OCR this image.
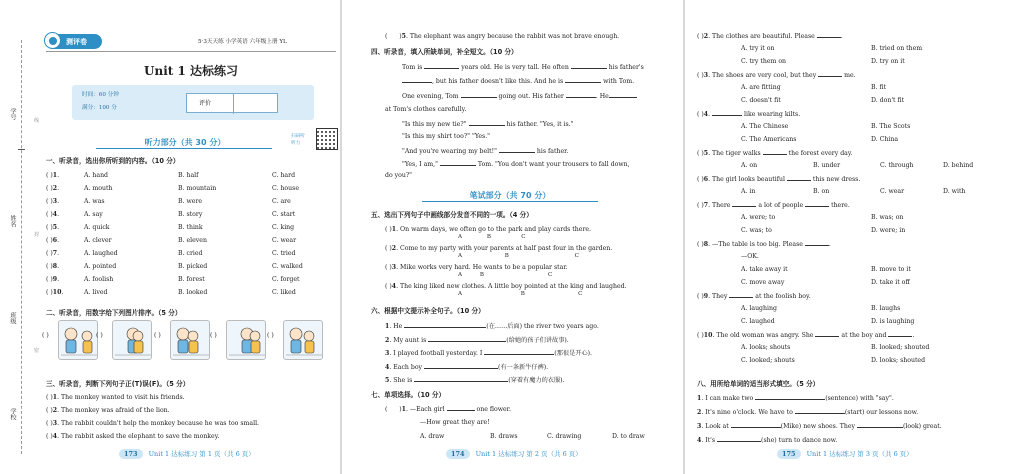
学号
线
姓名
封
班级
密
学校
测评卷	5·3天天练 小学英语 六年级上册 YL
Unit 1 达标练习
时间：60 分钟
满分：100 分
评价
听力部分（共 30 分）
扫码听听力
一、听录音，选出你所听到的内容。（10 分）
( )1.	A. hand	B. half	C. hard
( )2.	A. mouth	B. mountain	C. house
( )3.	A. was	B. were	C. are
( )4.	A. say	B. story	C. start
( )5.	A. quick	B. think	C. king
( )6.	A. clever	B. eleven	C. wear
( )7.	A. laughed	B. cried	C. tried
( )8.	A. pointed	B. picked	C. walked
( )9.	A. foolish	B. forest	C. forget
( )10.	A. lived	B. looked	C. liked
二、听录音，用数字给下列图片排序。（5 分）
( )	( )	( )	( )	( )
三、听录音，判断下列句子正(T)误(F)。（5 分）
( )1. The monkey wanted to visit his friends.
( )2. The monkey was afraid of the lion.
( )3. The rabbit couldn't help the monkey because he was too small.
( )4. The rabbit asked the elephant to save the monkey.
173 Unit 1 达标练习 第 1 页（共 6 页）
(      )5. The elephant was angry because the rabbit was not brave enough.
四、听录音，填入所缺单词，补全短文。（10 分）
Tom is	years old. He is very tall. He often	his father's
, but his father doesn't like this. And he is	with Tom.
One evening, Tom	going out. His father	. He
at Tom's clothes carefully.
"Is this my new tie?"	his father. "Yes, it is."
"Is this my shirt too?" "Yes."
"And you're wearing my belt!"	his father.
"Yes, I am,"	Tom. "You don't want your trousers to fall down,
do you?"
笔试部分（共 70 分）
五、选出下列句子中画线部分发音不同的一项。（4 分）
( )1. On warm days, we often go to the park and play cards there.
A              B                 C
( )2. Come to my party with your parents at half past four in the garden.
A                        B                                     C
( )3. Mike works very hard. He wants to be a popular star.
A          B                                    C
( )4. The king liked new clothes. A little boy pointed at the king and laughed.
A                                 B                              C
六、根据中文提示补全句子。（10 分）
1. He	(在……后面) the river two years ago.
2. My aunt is	(给她的孩子们讲故事).
3. I played football yesterday. I	(那很是开心).
4. Each boy	(有一条新牛仔裤).
5. She is	(穿着有魔力的衣服).
七、单项选择。（10 分）
(      )1. —Each girl	one flower.
—How great they are!
A. draw	B. draws	C. drawing	D. to draw
174 Unit 1 达标练习 第 2 页（共 6 页）
( )2. The clothes are beautiful. Please	.
A. try it on	B. tried on them
C. try them on	D. try on it
( )3. The shoes are very cool, but they	me.
A. are fitting	B. fit
C. doesn't fit	D. don't fit
( )4.	like wearing kilts.
A. The Chinese	B. The Scots
C. The Americans	D. China
( )5. The tiger walks	the forest every day.
A. on	B. under	C. through	D. behind
( )6. The girl looks beautiful	this new dress.
A. in	B. on	C. wear	D. with
( )7. There	a lot of people	there.
A. were; to	B. was; on
C. was; to	D. were; in
( )8. —The table is too big. Please	.
—OK.
A. take away it	B. move to it
C. move away	D. take it off
( )9. They	at the foolish boy.
A. laughing	B. laughs
C. laughed	D. is laughing
( )10. The old woman was angry. She	at the boy and	.
A. looks; shouts	B. looked; shouted
C. looked; shouts	D. looks; shouted
八、用所给单词的适当形式填空。（5 分）
1. I can make two	(sentence) with "say".
2. It's nine o'clock. We have to	(start) our lessons now.
3. Look at	(Mike) new shoes. They	(look) great.
4. It's	(she) turn to dance now.
175 Unit 1 达标练习 第 3 页（共 6 页）
